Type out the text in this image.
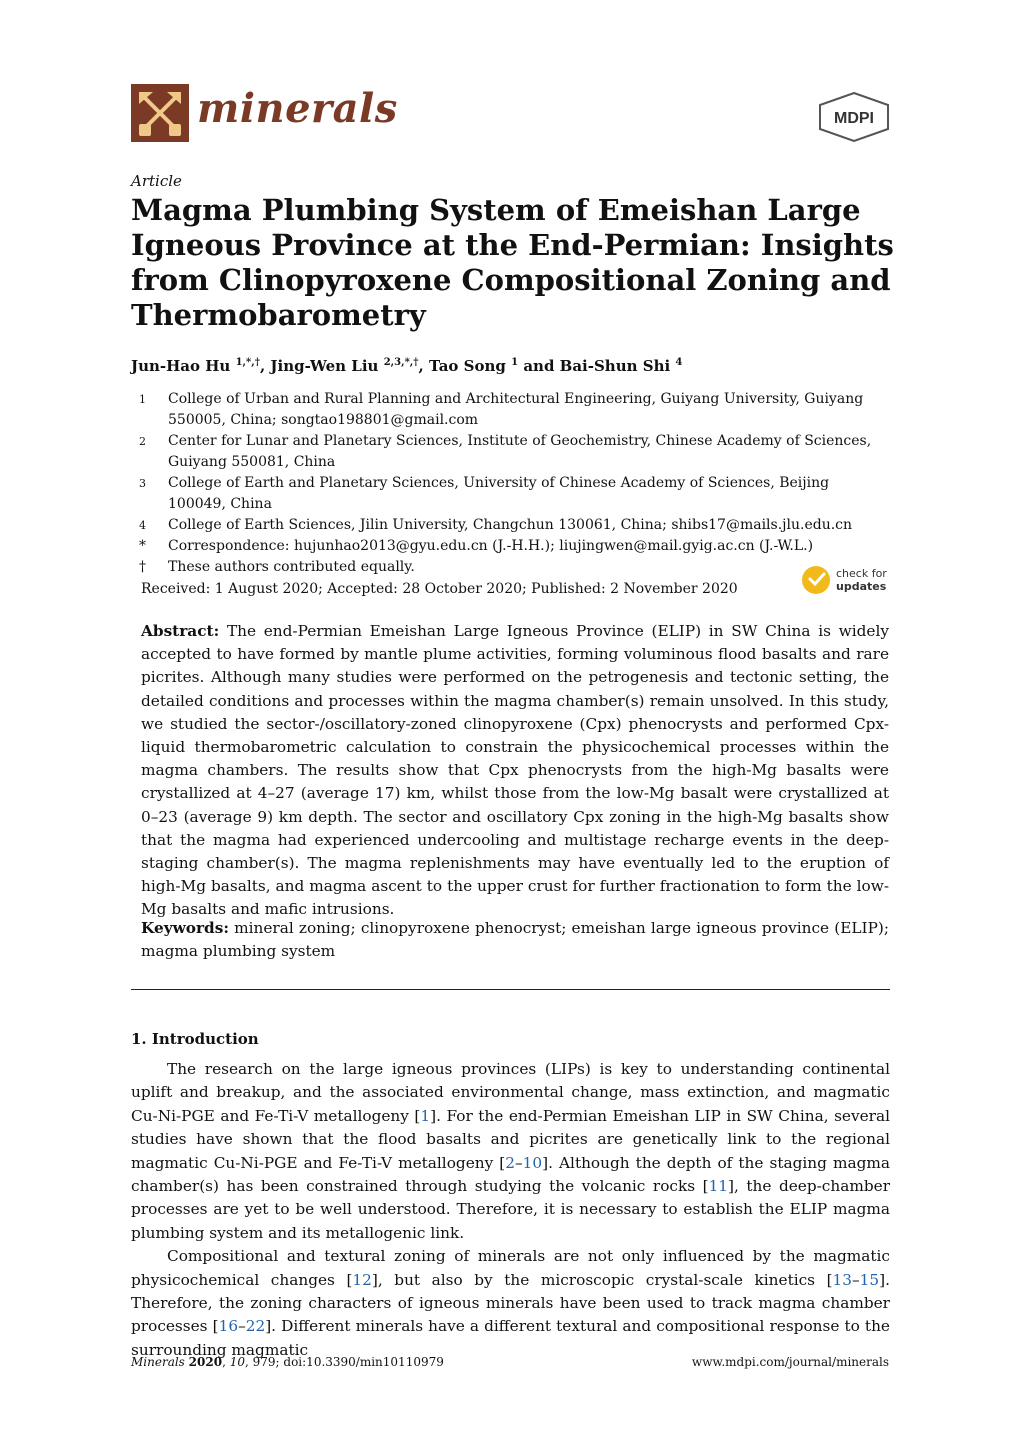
minerals	MDPI
Article
Magma Plumbing System of Emeishan Large Igneous Province at the End-Permian: Insights from Clinopyroxene Compositional Zoning and Thermobarometry
Jun-Hao Hu $^{1,*,\dagger}$, Jing-Wen Liu $^{2,3,*,\dagger}$, Tao Song $^1$ and Bai-Shun Shi $^4$
1 College of Urban and Rural Planning and Architectural Engineering, Guiyang University, Guiyang 550005, China; songtao198801@gmail.com
2 Center for Lunar and Planetary Sciences, Institute of Geochemistry, Chinese Academy of Sciences, Guiyang 550081, China
3 College of Earth and Planetary Sciences, University of Chinese Academy of Sciences, Beijing 100049, China
4 College of Earth Sciences, Jilin University, Changchun 130061, China; shibs17@mails.jlu.edu.cn
* Correspondence: hujunhao2013@gyu.edu.cn (J.-H.H.); liujingwen@mail.gyig.ac.cn (J.-W.L.)
† These authors contributed equally.
Received: 1 August 2020; Accepted: 28 October 2020; Published: 2 November 2020
check for
updates
Abstract: The end-Permian Emeishan Large Igneous Province (ELIP) in SW China is widely accepted to have formed by mantle plume activities, forming voluminous flood basalts and rare picrites. Although many studies were performed on the petrogenesis and tectonic setting, the detailed conditions and processes within the magma chamber(s) remain unsolved. In this study, we studied the sector-/oscillatory-zoned clinopyroxene (Cpx) phenocrysts and performed Cpx-liquid thermobarometric calculation to constrain the physicochemical processes within the magma chambers. The results show that Cpx phenocrysts from the high-Mg basalts were crystallized at 4–27 (average 17) km, whilst those from the low-Mg basalt were crystallized at 0–23 (average 9) km depth. The sector and oscillatory Cpx zoning in the high-Mg basalts show that the magma had experienced undercooling and multistage recharge events in the deep-staging chamber(s). The magma replenishments may have eventually led to the eruption of high-Mg basalts, and magma ascent to the upper crust for further fractionation to form the low-Mg basalts and mafic intrusions.
Keywords: mineral zoning; clinopyroxene phenocryst; emeishan large igneous province (ELIP); magma plumbing system
1. Introduction

The research on the large igneous provinces (LIPs) is key to understanding continental uplift and breakup, and the associated environmental change, mass extinction, and magmatic Cu-Ni-PGE and Fe-Ti-V metallogeny [1]. For the end-Permian Emeishan LIP in SW China, several studies have shown that the flood basalts and picrites are genetically link to the regional magmatic Cu-Ni-PGE and Fe-Ti-V metallogeny [2–10]. Although the depth of the staging magma chamber(s) has been constrained through studying the volcanic rocks [11], the deep-chamber processes are yet to be well understood. Therefore, it is necessary to establish the ELIP magma plumbing system and its metallogenic link.

Compositional and textural zoning of minerals are not only influenced by the magmatic physicochemical changes [12], but also by the microscopic crystal-scale kinetics [13–15]. Therefore, the zoning characters of igneous minerals have been used to track magma chamber processes [16–22]. Different minerals have a different textural and compositional response to the surrounding magmatic

Minerals 2020, 10, 979; doi:10.3390/min10110979	www.mdpi.com/journal/minerals
